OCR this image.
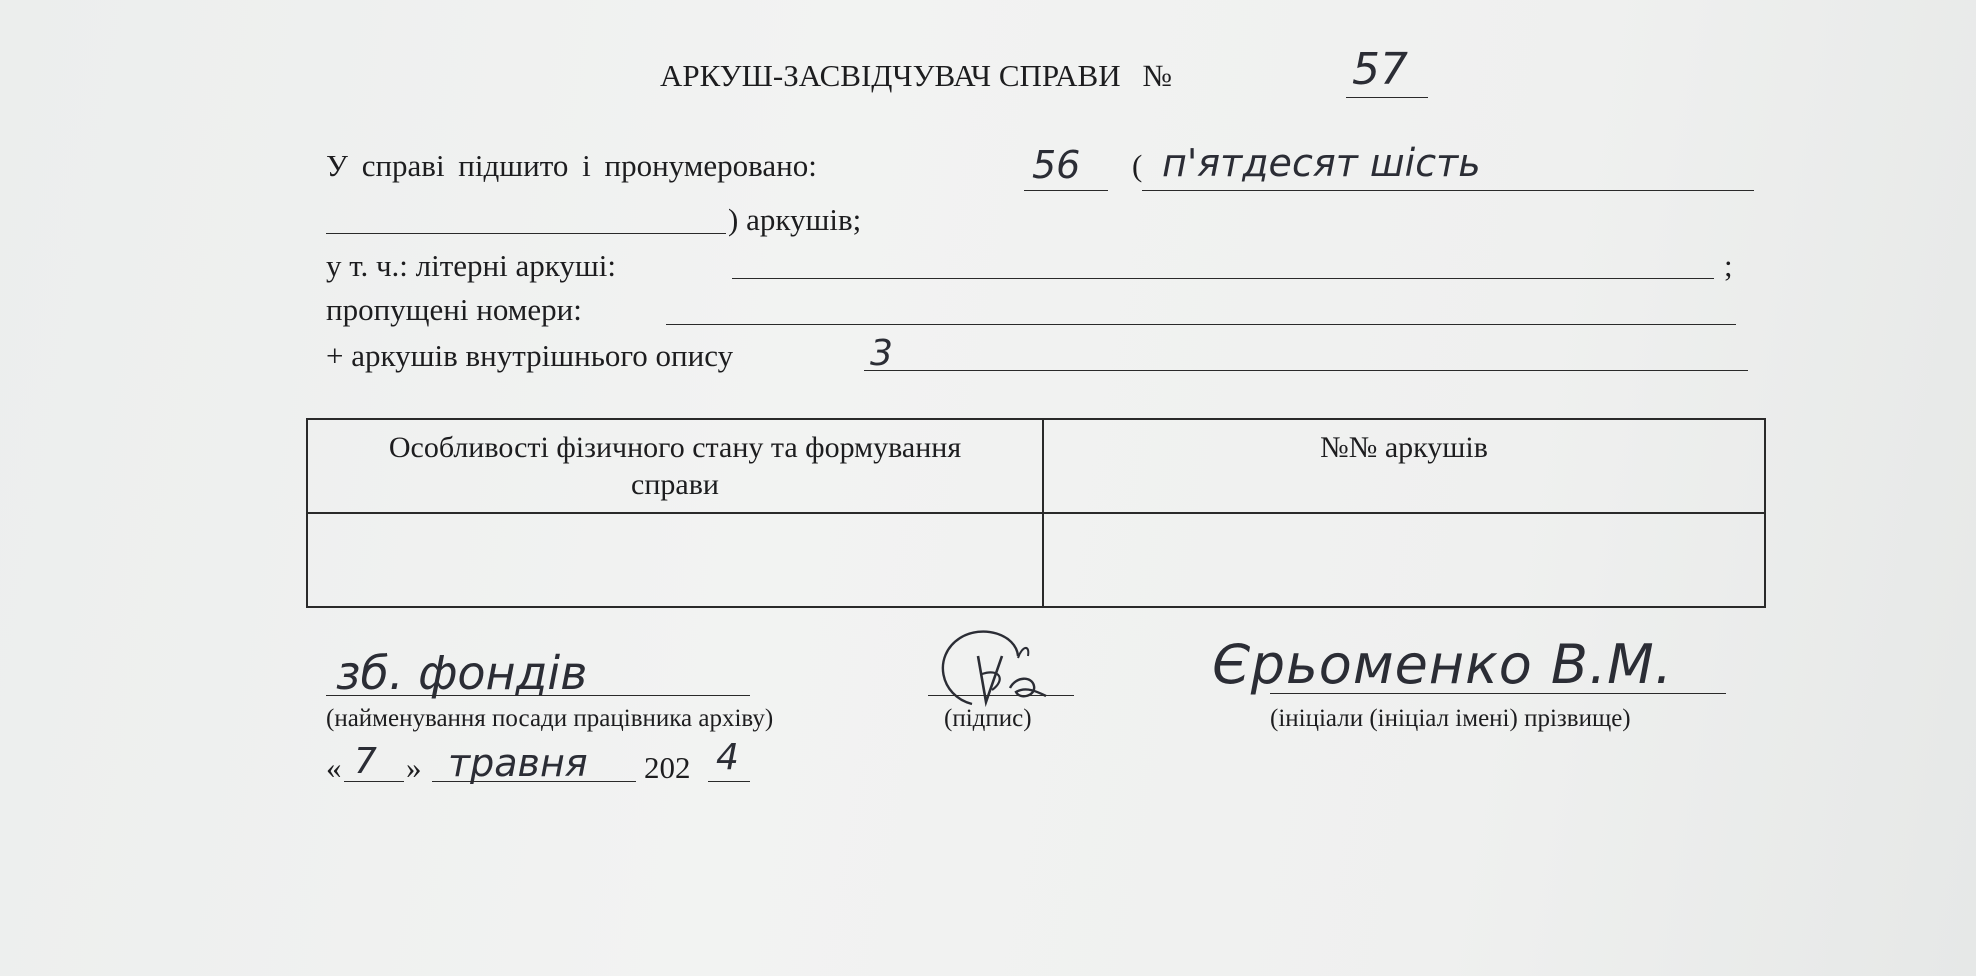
АРКУШ-ЗАСВІДЧУВАЧ СПРАВИ №	57
У справі підшито і пронумеровано:	56 ( п'ятдесят шість
) аркушів;
у т. ч.: літерні аркуші:	;
пропущені номери:
+ аркушів внутрішнього опису	3
Особливості фізичного стану та формування справи	№№ аркушів

зб. фондів
(найменування посади працівника архіву)	(підпис)
Єрьоменко В.М.
(ініціали (ініціал імені) прізвище)
« 7 » травня 202 4
